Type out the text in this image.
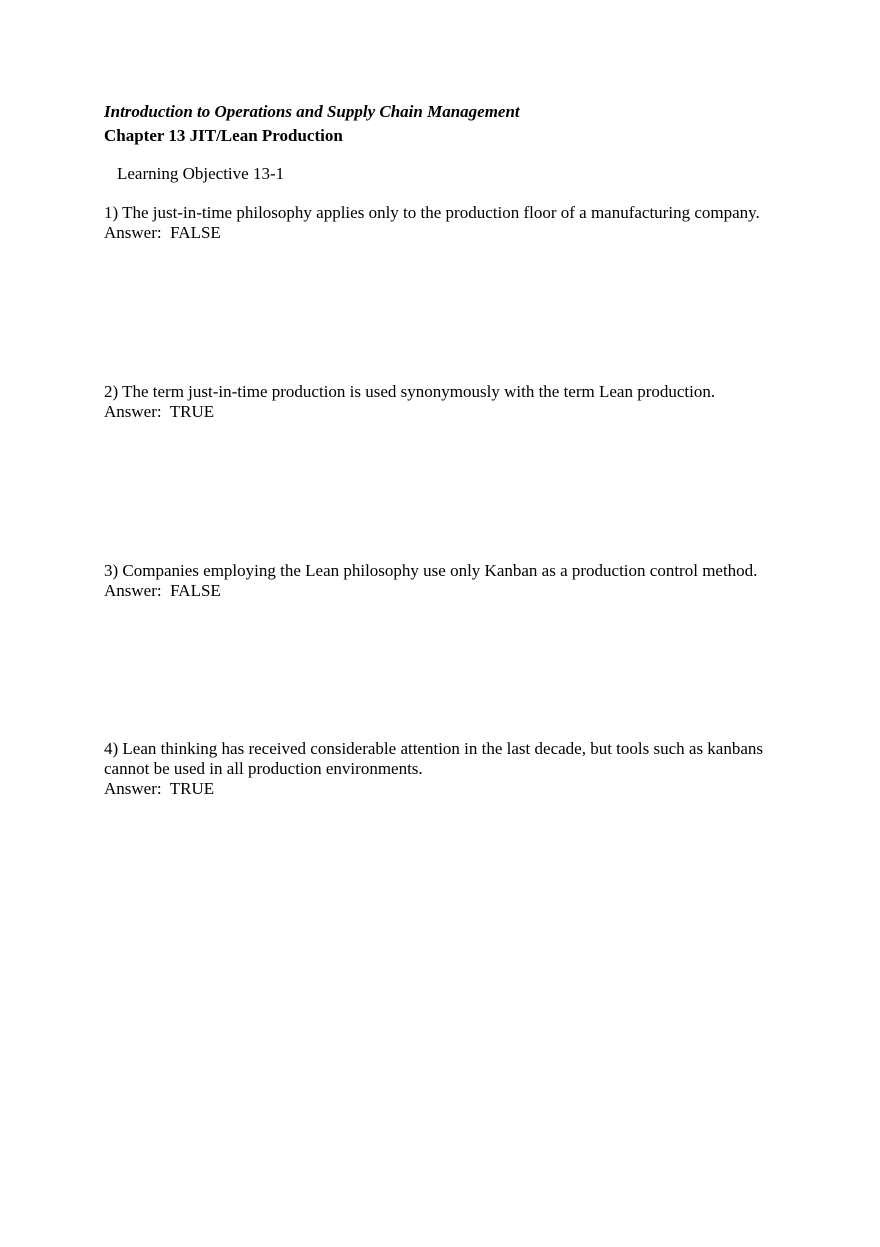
Introduction to Operations and Supply Chain Management
Chapter 13 JIT/Lean Production

Learning Objective 13-1

1) The just-in-time philosophy applies only to the production floor of a manufacturing company.
Answer:  FALSE
2) The term just-in-time production is used synonymously with the term Lean production.
Answer:  TRUE
3) Companies employing the Lean philosophy use only Kanban as a production control method.
Answer:  FALSE
4) Lean thinking has received considerable attention in the last decade, but tools such as kanbans cannot be used in all production environments.
Answer:  TRUE
